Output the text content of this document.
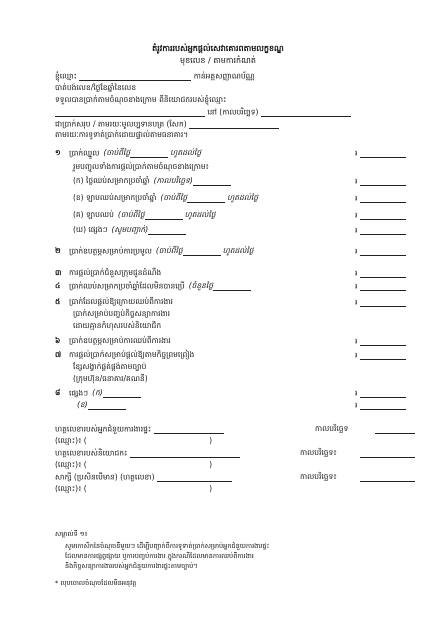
តំរូវការរបស់អ្នកផ្តល់សេវាគោរពតាមលក្ខខណ្ឌ
មុខលេខ / តាមការកំណត់
ខ្ញុំឈ្មោះ	កាន់អត្តសញ្ញាណប័ណ្ណ
បាត់បង់លេខ/ថ្ងៃខែឆ្នាំនៃលេខ
ទទួលបានប្រាក់តាមចំណុចខាងក្រោម ពីនិយោជករបស់ខ្ញុំឈ្មោះ
នៅ (កាលបរិច្ឆេទ)
ជាប្រាក់សរុប / តាមរយៈមូលប្បទានបត្រ (សែក)
តាមរយៈការទូទាត់ប្រាក់ដោយផ្ទាល់តាមធនាគារ។
១ ប្រាក់ឈ្នួល (ចាប់ពីថ្ងៃ	ហូតដល់ថ្ងៃ	៛
រួមបញ្ចូលទាំងការផ្តល់ប្រាក់តាមចំណុចខាងក្រោម៖
(ក) ថ្លៃឈប់សម្រាកប្រចាំឆ្នាំ (កាលបរិច្ឆេទ)	៛
(ខ) ឡាបឈប់សម្រាកប្រចាំឆ្នាំ (ចាប់ពីថ្ងៃ	ហូតដល់ថ្ងៃ	៛
(គ) ឡាបឈប់ (ចាប់ពីថ្ងៃ	ហូតដល់ថ្ងៃ	៛
(ឃ) ផ្សេងៗ (សូមបញ្ជាក់)	៛
២ ប្រាក់ឧបត្ថម្ភសម្រាប់ការប្រមូល (ចាប់ពីថ្ងៃ	ហូតដល់ថ្ងៃ	៛
៣ ការផ្តល់ប្រាក់ជំនួសក្រុមជូនដំណឹង	៛
៤ ប្រាក់ឈប់សម្រាកប្រចាំឆ្នាំដែលមិនបានប្រើ (ចំនួនថ្ងៃ	៛
៥ ប្រាក់ដែលផ្តល់ឱ្យក្រោយឈប់ពីការងារ	៛
ប្រាក់សម្រាប់បញ្ចប់កិច្ចសន្យាការងារ
ដោយគ្មានកំហុសរបស់និយោជិក
៦ ប្រាក់ឧបត្ថម្ភសម្រាប់ការឈប់ពីការងារ	៛
៧ ការផ្តល់ប្រាក់សម្រាប់ផ្តល់ឱ្យតាមកិច្ចព្រមព្រៀង	៛
ខ្សែសង្វាក់ផ្គត់ផ្គង់តាមច្បាប់
(ក្រុមហ៊ុន/ធនាគារ/គណនី)
៨ ផ្សេងៗ (ក)	៛
(ខ)	៛
ហត្ថលេខារបស់អ្នកជំនួយការងារផ្ទះ	កាលបរិច្ឆេទ
(ឈ្មោះ)៖ (	)
ហត្ថលេខារបស់និយោជក៖	កាលបរិច្ឆេទ៖
(ឈ្មោះ)៖ (	)
សាក្សី (ប្រសិនបើមាន) (ហត្ថលេខា)	កាលបរិច្ឆេទ៖
(ឈ្មោះ)៖ (	)
សម្គាល់ទី ១៖
សូមកោសិកនៃចំណុចនីមួយៗ ដើម្បីបញ្ជាក់ពីការទូទាត់ប្រាក់សម្រាប់អ្នកជំនួយការងារផ្ទះ
ដែលមានការផ្សព្វផ្សាយ ឬការបញ្ចប់ការងារ ក្នុងករណីដែលមានការឈប់ពីការងារ
និងកិច្ចសន្យាការងាររបស់អ្នកជំនួយការងារផ្ទះតាមច្បាប់។
* លុបចោលចំណុចដែលមិនអនុវត្ត
